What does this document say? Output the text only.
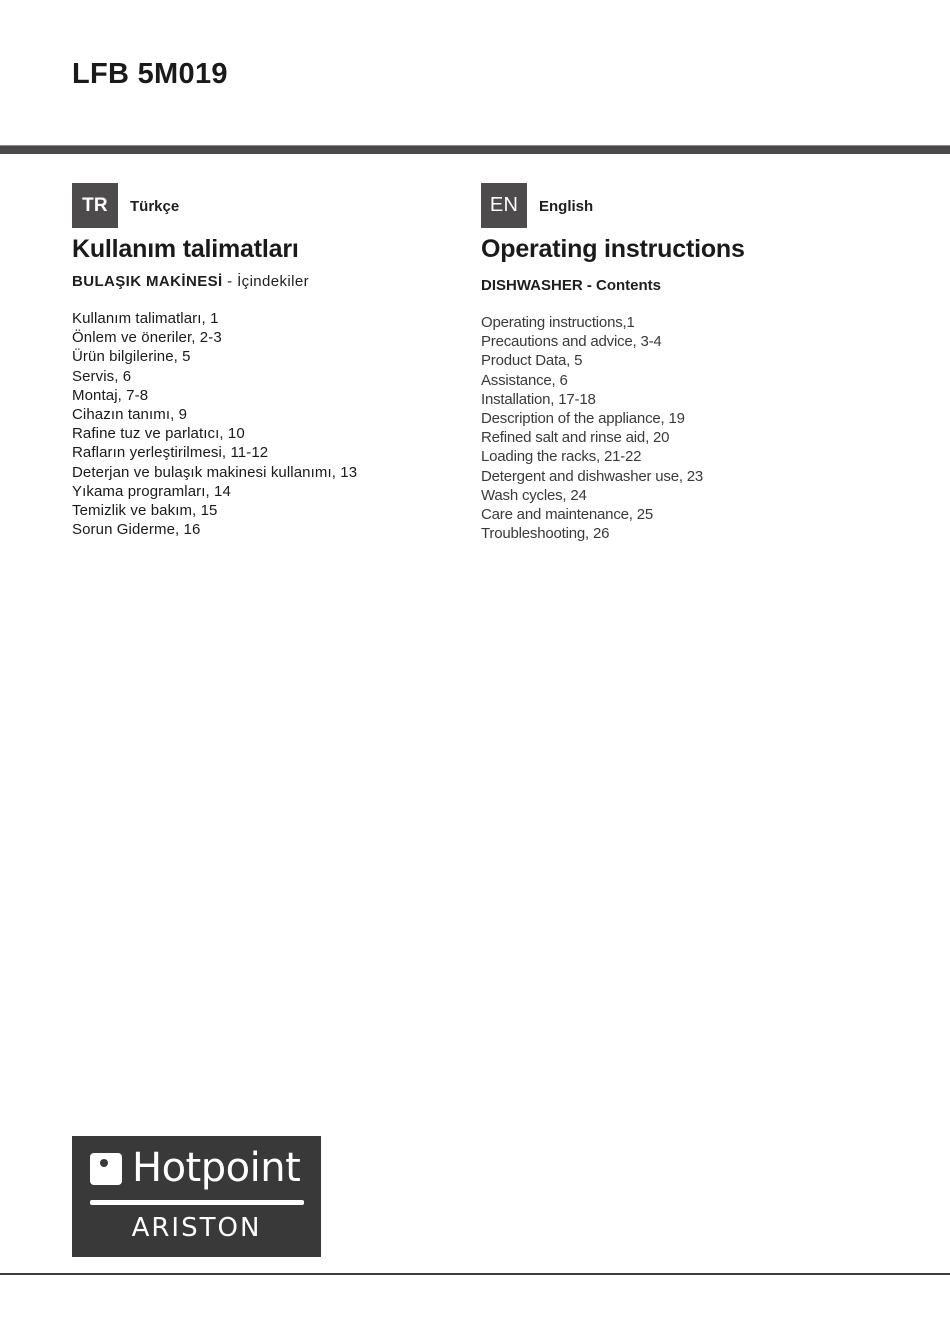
LFB 5M019
TR	Türkçe
Kullanım talimatları
BULAŞIK MAKİNESİ - İçindekiler
Kullanım talimatları, 1
Önlem ve öneriler, 2-3
Ürün bilgilerine, 5
Servis, 6
Montaj, 7-8
Cihazın tanımı, 9
Rafine tuz ve parlatıcı, 10
Rafların yerleştirilmesi, 11-12
Deterjan ve bulaşık makinesi kullanımı, 13
Yıkama programları, 14
Temizlik ve bakım, 15
Sorun Giderme, 16
EN	English
Operating instructions
DISHWASHER - Contents
Operating instructions,1
Precautions and advice, 3-4
Product Data, 5
Assistance, 6
Installation, 17-18
Description of the appliance, 19
Refined salt and rinse aid, 20
Loading the racks, 21-22
Detergent and dishwasher use, 23
Wash cycles, 24
Care and maintenance, 25
Troubleshooting, 26
Hotpoint
ARISTON
